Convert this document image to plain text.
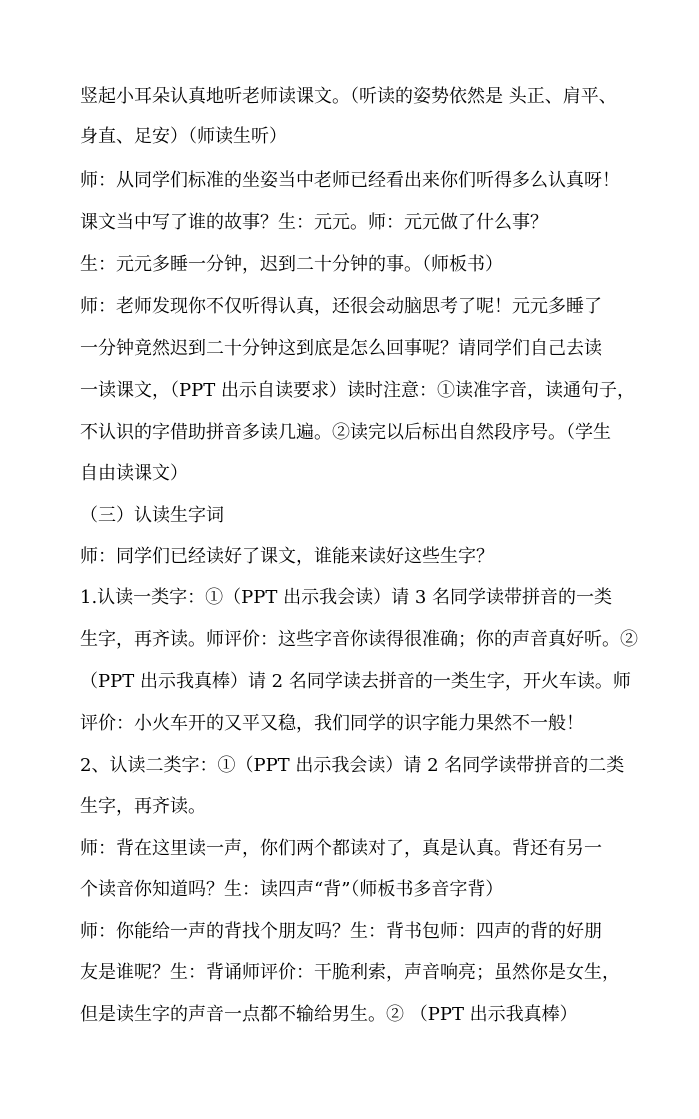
竖起小耳朵认真地听老师读课文。（听读的姿势依然是 头正、肩平、
身直、足安）（师读生听）
师：从同学们标准的坐姿当中老师已经看出来你们听得多么认真呀！
课文当中写了谁的故事？生：元元。师：元元做了什么事？
生：元元多睡一分钟，迟到二十分钟的事。（师板书）
师：老师发现你不仅听得认真，还很会动脑思考了呢！元元多睡了
一分钟竟然迟到二十分钟这到底是怎么回事呢？请同学们自己去读
一读课文，（PPT 出示自读要求）读时注意：①读准字音，读通句子，
不认识的字借助拼音多读几遍。②读完以后标出自然段序号。（学生
自由读课文）
（三）认读生字词
师：同学们已经读好了课文，谁能来读好这些生字？
1.认读一类字：①（PPT 出示我会读）请 3 名同学读带拼音的一类
生字，再齐读。师评价：这些字音你读得很准确；你的声音真好听。②
（PPT 出示我真棒）请 2 名同学读去拼音的一类生字，开火车读。师
评价：小火车开的又平又稳，我们同学的识字能力果然不一般！
2、认读二类字：①（PPT 出示我会读）请 2 名同学读带拼音的二类
生字，再齐读。
师：背在这里读一声，你们两个都读对了，真是认真。背还有另一
个读音你知道吗？生：读四声“背”（师板书多音字背）
师：你能给一声的背找个朋友吗？生：背书包师：四声的背的好朋
友是谁呢？生：背诵师评价：干脆利索，声音响亮；虽然你是女生，
但是读生字的声音一点都不输给男生。② （PPT 出示我真棒）
